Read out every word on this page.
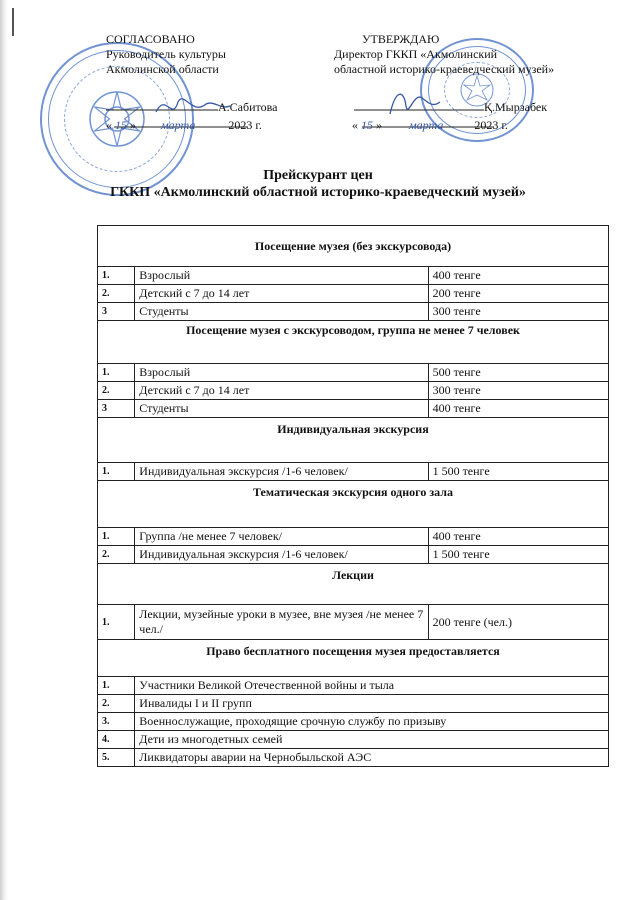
СОГЛАСОВАНО
Руководитель культуры
Акмолинской области
А.Сабитова
« 15 » марта	2023 г.
УТВЕРЖДАЮ
Директор ГККП «Акмолинский
областной историко-краеведческий музей»
Қ.Мырзабек
« 15 » марта	2023 г.
Прейскурант цен
ГККП «Акмолинский областной историко-краеведческий музей»
Посещение музея (без экскурсовода)		
1.	Взрослый	400 тенге
2.	Детский с 7 до 14 лет	200 тенге
3	Студенты	300 тенге
Посещение музея с экскурсоводом, группа не менее 7 человек		
1.	Взрослый	500 тенге
2.	Детский с 7 до 14 лет	300 тенге
3	Студенты	400 тенге
Индивидуальная экскурсия		
1.	Индивидуальная экскурсия /1-6 человек/	1 500 тенге
Тематическая экскурсия одного зала		
1.	Группа /не менее 7 человек/	400 тенге
2.	Индивидуальная экскурсия /1-6 человек/	1 500 тенге
Лекции		
1.	Лекции, музейные уроки в музее, вне музея /не менее 7 чел./	200 тенге (чел.)
Право бесплатного посещения музея предоставляется		
1.	Участники Великой Отечественной войны и тыла	
2.	Инвалиды I и II групп	
3.	Военнослужащие, проходящие срочную службу по призыву	
4.	Дети из многодетных семей	
5.	Ликвидаторы аварии на Чернобыльской АЭС	
